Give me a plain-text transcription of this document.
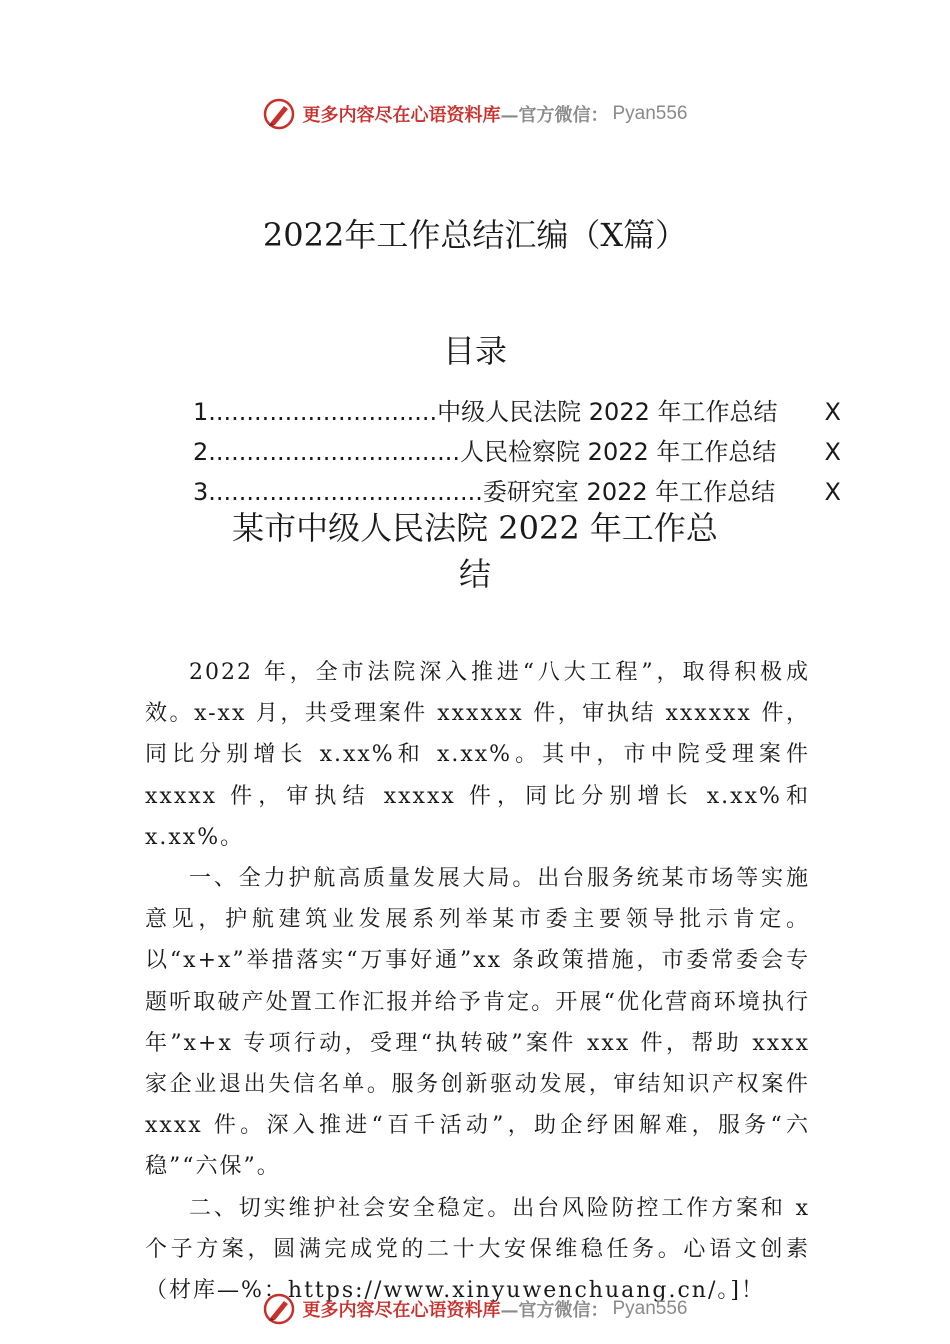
更多内容尽在心语资料库 —官方微信： Pyan556
2022年工作总结汇编（X篇）
目录
1 .............................. 中级人民法院 2022 年工作总结 X
2 ................................. 人民检察院 2022 年工作总结 X
3 .................................... 委研究室 2022 年工作总结 X
某市中级人民法院 2022 年工作总
结

2022 年，全市法院深入推进“八大工程”，取得积极成效。x-xx 月，共受理案件 xxxxxx 件，审执结 xxxxxx 件，同比分别增长 x.xx%和 x.xx%。其中，市中院受理案件 xxxxx 件，审执结 xxxxx 件，同比分别增长 x.xx%和 x.xx%。

一、全力护航高质量发展大局。出台服务统某市场等实施意见，护航建筑业发展系列举某市委主要领导批示肯定。以“x+x”举措落实“万事好通”xx 条政策措施，市委常委会专题听取破产处置工作汇报并给予肯定。开展“优化营商环境执行年”x+x 专项行动，受理“执转破”案件 xxx 件，帮助 xxxx 家企业退出失信名单。服务创新驱动发展，审结知识产权案件 xxxx 件。深入推进“百千活动”，助企纾困解难，服务“六稳”“六保”。

二、切实维护社会安全稳定。出台风险防控工作方案和 x 个子方案，圆满完成党的二十大安保维稳任务。心语文创素（材库—%：https://www.xinyuwenchuang.cn/。]！

更多内容尽在心语资料库 —官方微信： Pyan556
